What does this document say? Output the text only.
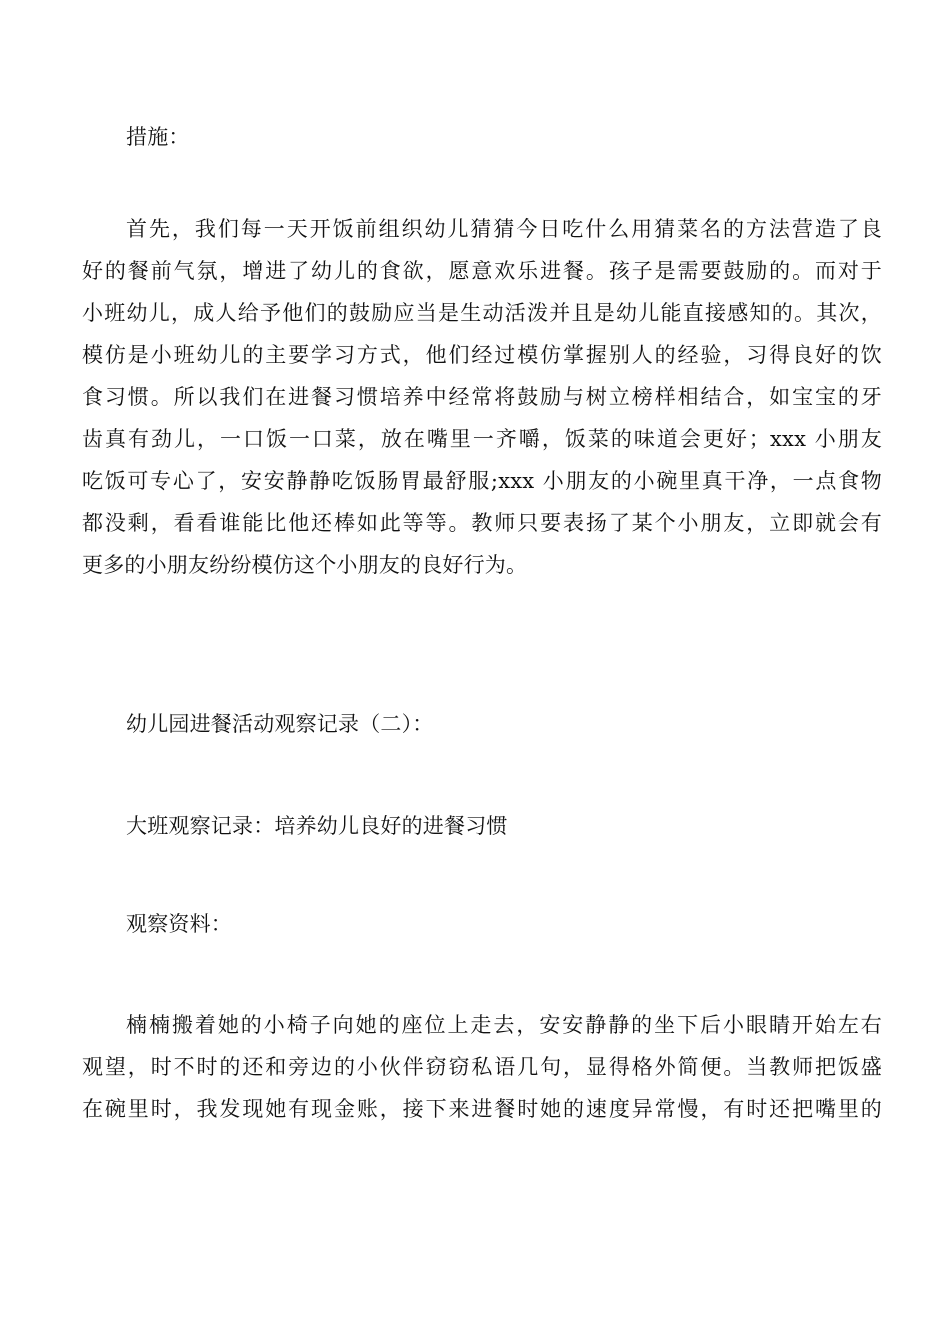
措施：
首先，我们每一天开饭前组织幼儿猜猜今日吃什么用猜菜名的方法营造了良
好的餐前气氛，增进了幼儿的食欲，愿意欢乐进餐。孩子是需要鼓励的。而对于
小班幼儿，成人给予他们的鼓励应当是生动活泼并且是幼儿能直接感知的。其次，
模仿是小班幼儿的主要学习方式，他们经过模仿掌握别人的经验，习得良好的饮
食习惯。所以我们在进餐习惯培养中经常将鼓励与树立榜样相结合，如宝宝的牙
齿真有劲儿，一口饭一口菜，放在嘴里一齐嚼，饭菜的味道会更好；xxx 小朋友
吃饭可专心了，安安静静吃饭肠胃最舒服;xxx 小朋友的小碗里真干净，一点食物
都没剩，看看谁能比他还棒如此等等。教师只要表扬了某个小朋友，立即就会有
更多的小朋友纷纷模仿这个小朋友的良好行为。
幼儿园进餐活动观察记录（二）：
大班观察记录：培养幼儿良好的进餐习惯
观察资料：
楠楠搬着她的小椅子向她的座位上走去，安安静静的坐下后小眼睛开始左右
观望，时不时的还和旁边的小伙伴窃窃私语几句，显得格外简便。当教师把饭盛
在碗里时，我发现她有现金账，接下来进餐时她的速度异常慢，有时还把嘴里的
